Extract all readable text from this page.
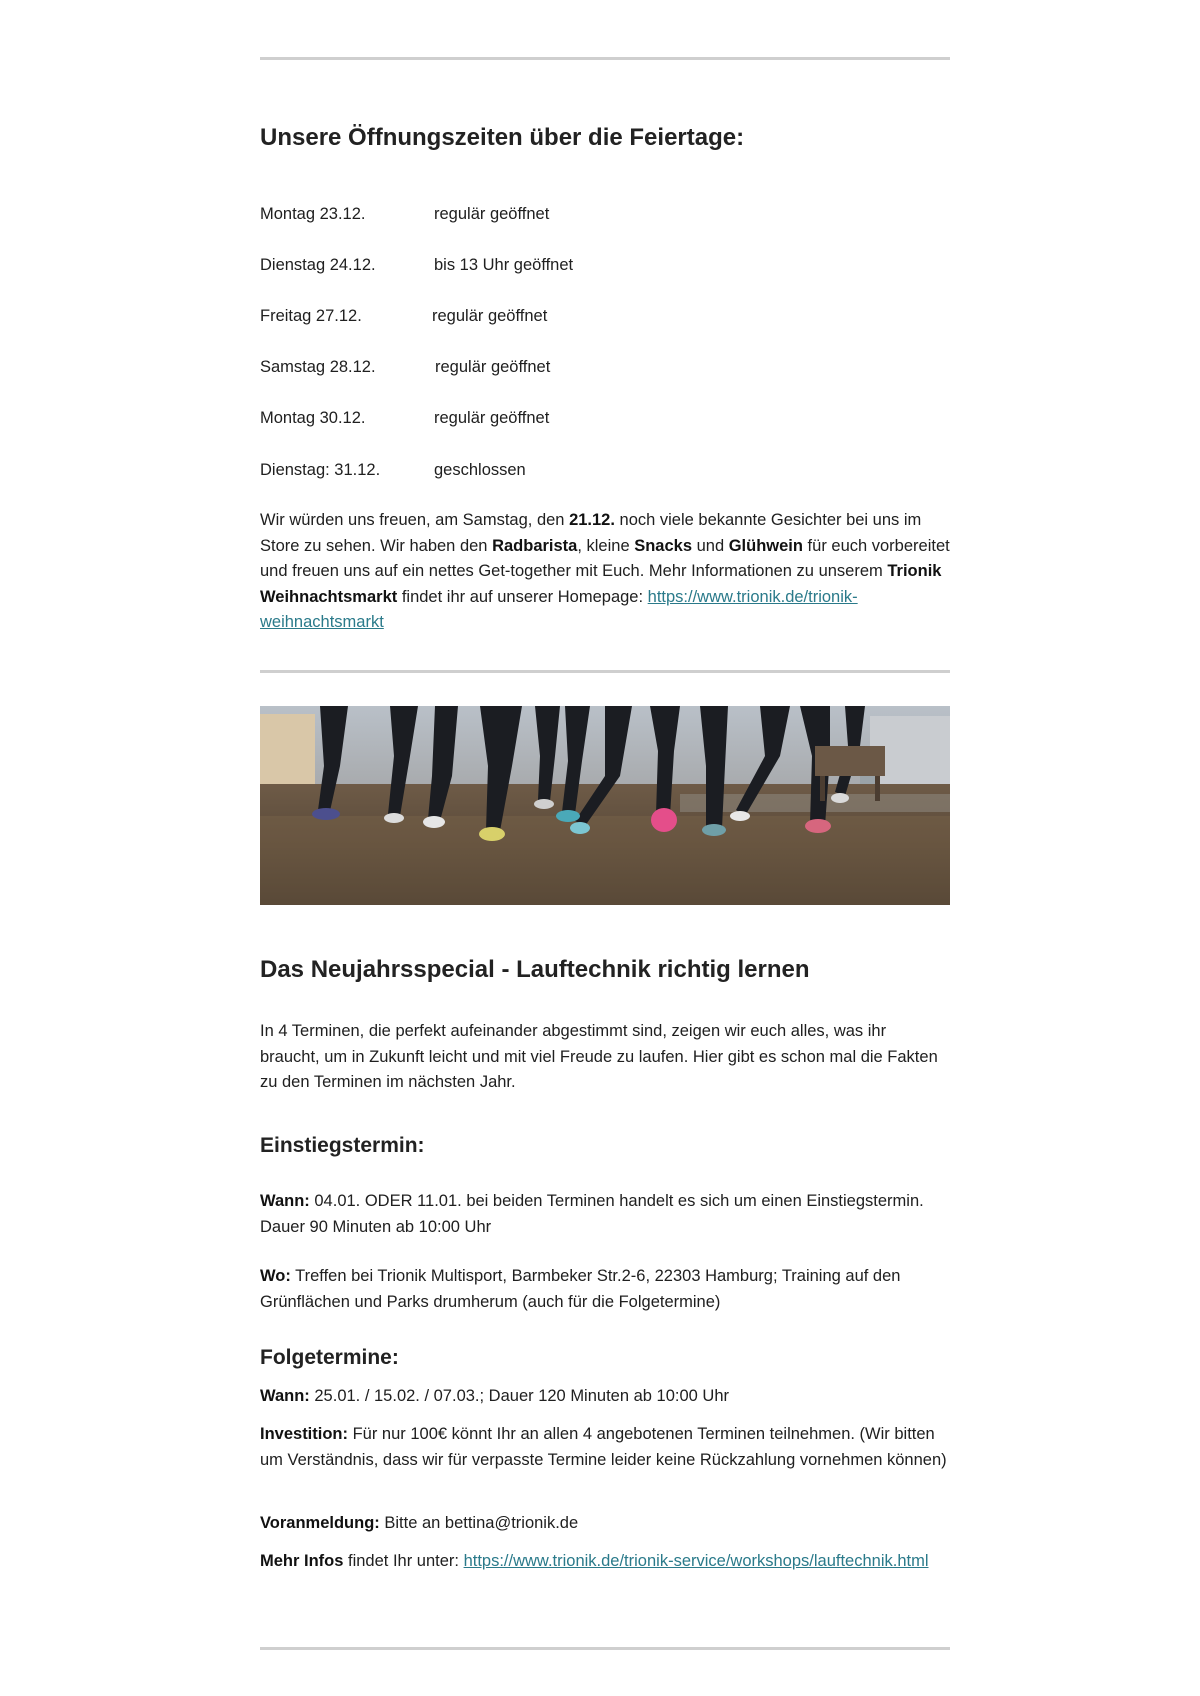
Unsere Öffnungszeiten über die Feiertage:
Montag 23.12.	regulär geöffnet
Dienstag 24.12.	bis 13 Uhr geöffnet
Freitag 27.12.	regulär geöffnet
Samstag 28.12.	regulär geöffnet
Montag 30.12.	regulär geöffnet
Dienstag: 31.12.	geschlossen

Wir würden uns freuen, am Samstag, den 21.12. noch viele bekannte Gesichter bei uns im Store zu sehen. Wir haben den Radbarista, kleine Snacks und Glühwein für euch vorbereitet und freuen uns auf ein nettes Get-together mit Euch. Mehr Informationen zu unserem Trionik Weihnachtsmarkt findet ihr auf unserer Homepage: https://www.trionik.de/trionik-weihnachtsmarkt

Das Neujahrsspecial - Lauftechnik richtig lernen

In 4 Terminen, die perfekt aufeinander abgestimmt sind, zeigen wir euch alles, was ihr braucht, um in Zukunft leicht und mit viel Freude zu laufen. Hier gibt es schon mal die Fakten zu den Terminen im nächsten Jahr.

Einstiegstermin:

Wann: 04.01. ODER 11.01. bei beiden Terminen handelt es sich um einen Einstiegstermin. Dauer 90 Minuten ab 10:00 Uhr

Wo: Treffen bei Trionik Multisport, Barmbeker Str.2-6, 22303 Hamburg; Training auf den Grünflächen und Parks drumherum (auch für die Folgetermine)

Folgetermine:

Wann: 25.01. / 15.02. / 07.03.; Dauer 120 Minuten ab 10:00 Uhr

Investition: Für nur 100€ könnt Ihr an allen 4 angebotenen Terminen teilnehmen. (Wir bitten um Verständnis, dass wir für verpasste Termine leider keine Rückzahlung vornehmen können)

Voranmeldung: Bitte an bettina@trionik.de

Mehr Infos findet Ihr unter: https://www.trionik.de/trionik-service/workshops/lauftechnik.html
